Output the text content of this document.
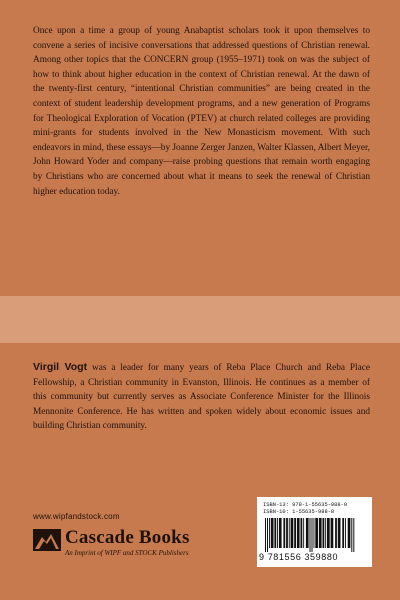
Once upon a time a group of young Anabaptist scholars took it upon themselves to convene a series of incisive conversations that addressed questions of Christian renewal. Among other topics that the CONCERN group (1955–1971) took on was the subject of how to think about higher education in the context of Christian renewal. At the dawn of the twenty-first century, “intentional Christian communities” are being created in the context of student leadership development programs, and a new generation of Programs for Theological Exploration of Vocation (PTEV) at church related colleges are providing mini-grants for students involved in the New Monasticism movement. With such endeavors in mind, these essays—by Joanne Zerger Janzen, Walter Klassen, Albert Meyer, John Howard Yoder and company—raise probing questions that remain worth engaging by Christians who are concerned about what it means to seek the renewal of Christian higher education today.

Virgil Vogt was a leader for many years of Reba Place Church and Reba Place Fellowship, a Christian community in Evanston, Illinois. He continues as a member of this community but currently serves as Associate Conference Minister for the Illinois Mennonite Conference. He has written and spoken widely about economic issues and building Christian community.

www.wipfandstock.com
Cascade Books
An Imprint of WIPF and STOCK Publishers
ISBN-13: 978-1-55635-988-0
ISBN-10: 1-55635-988-8
9 781556 359880
